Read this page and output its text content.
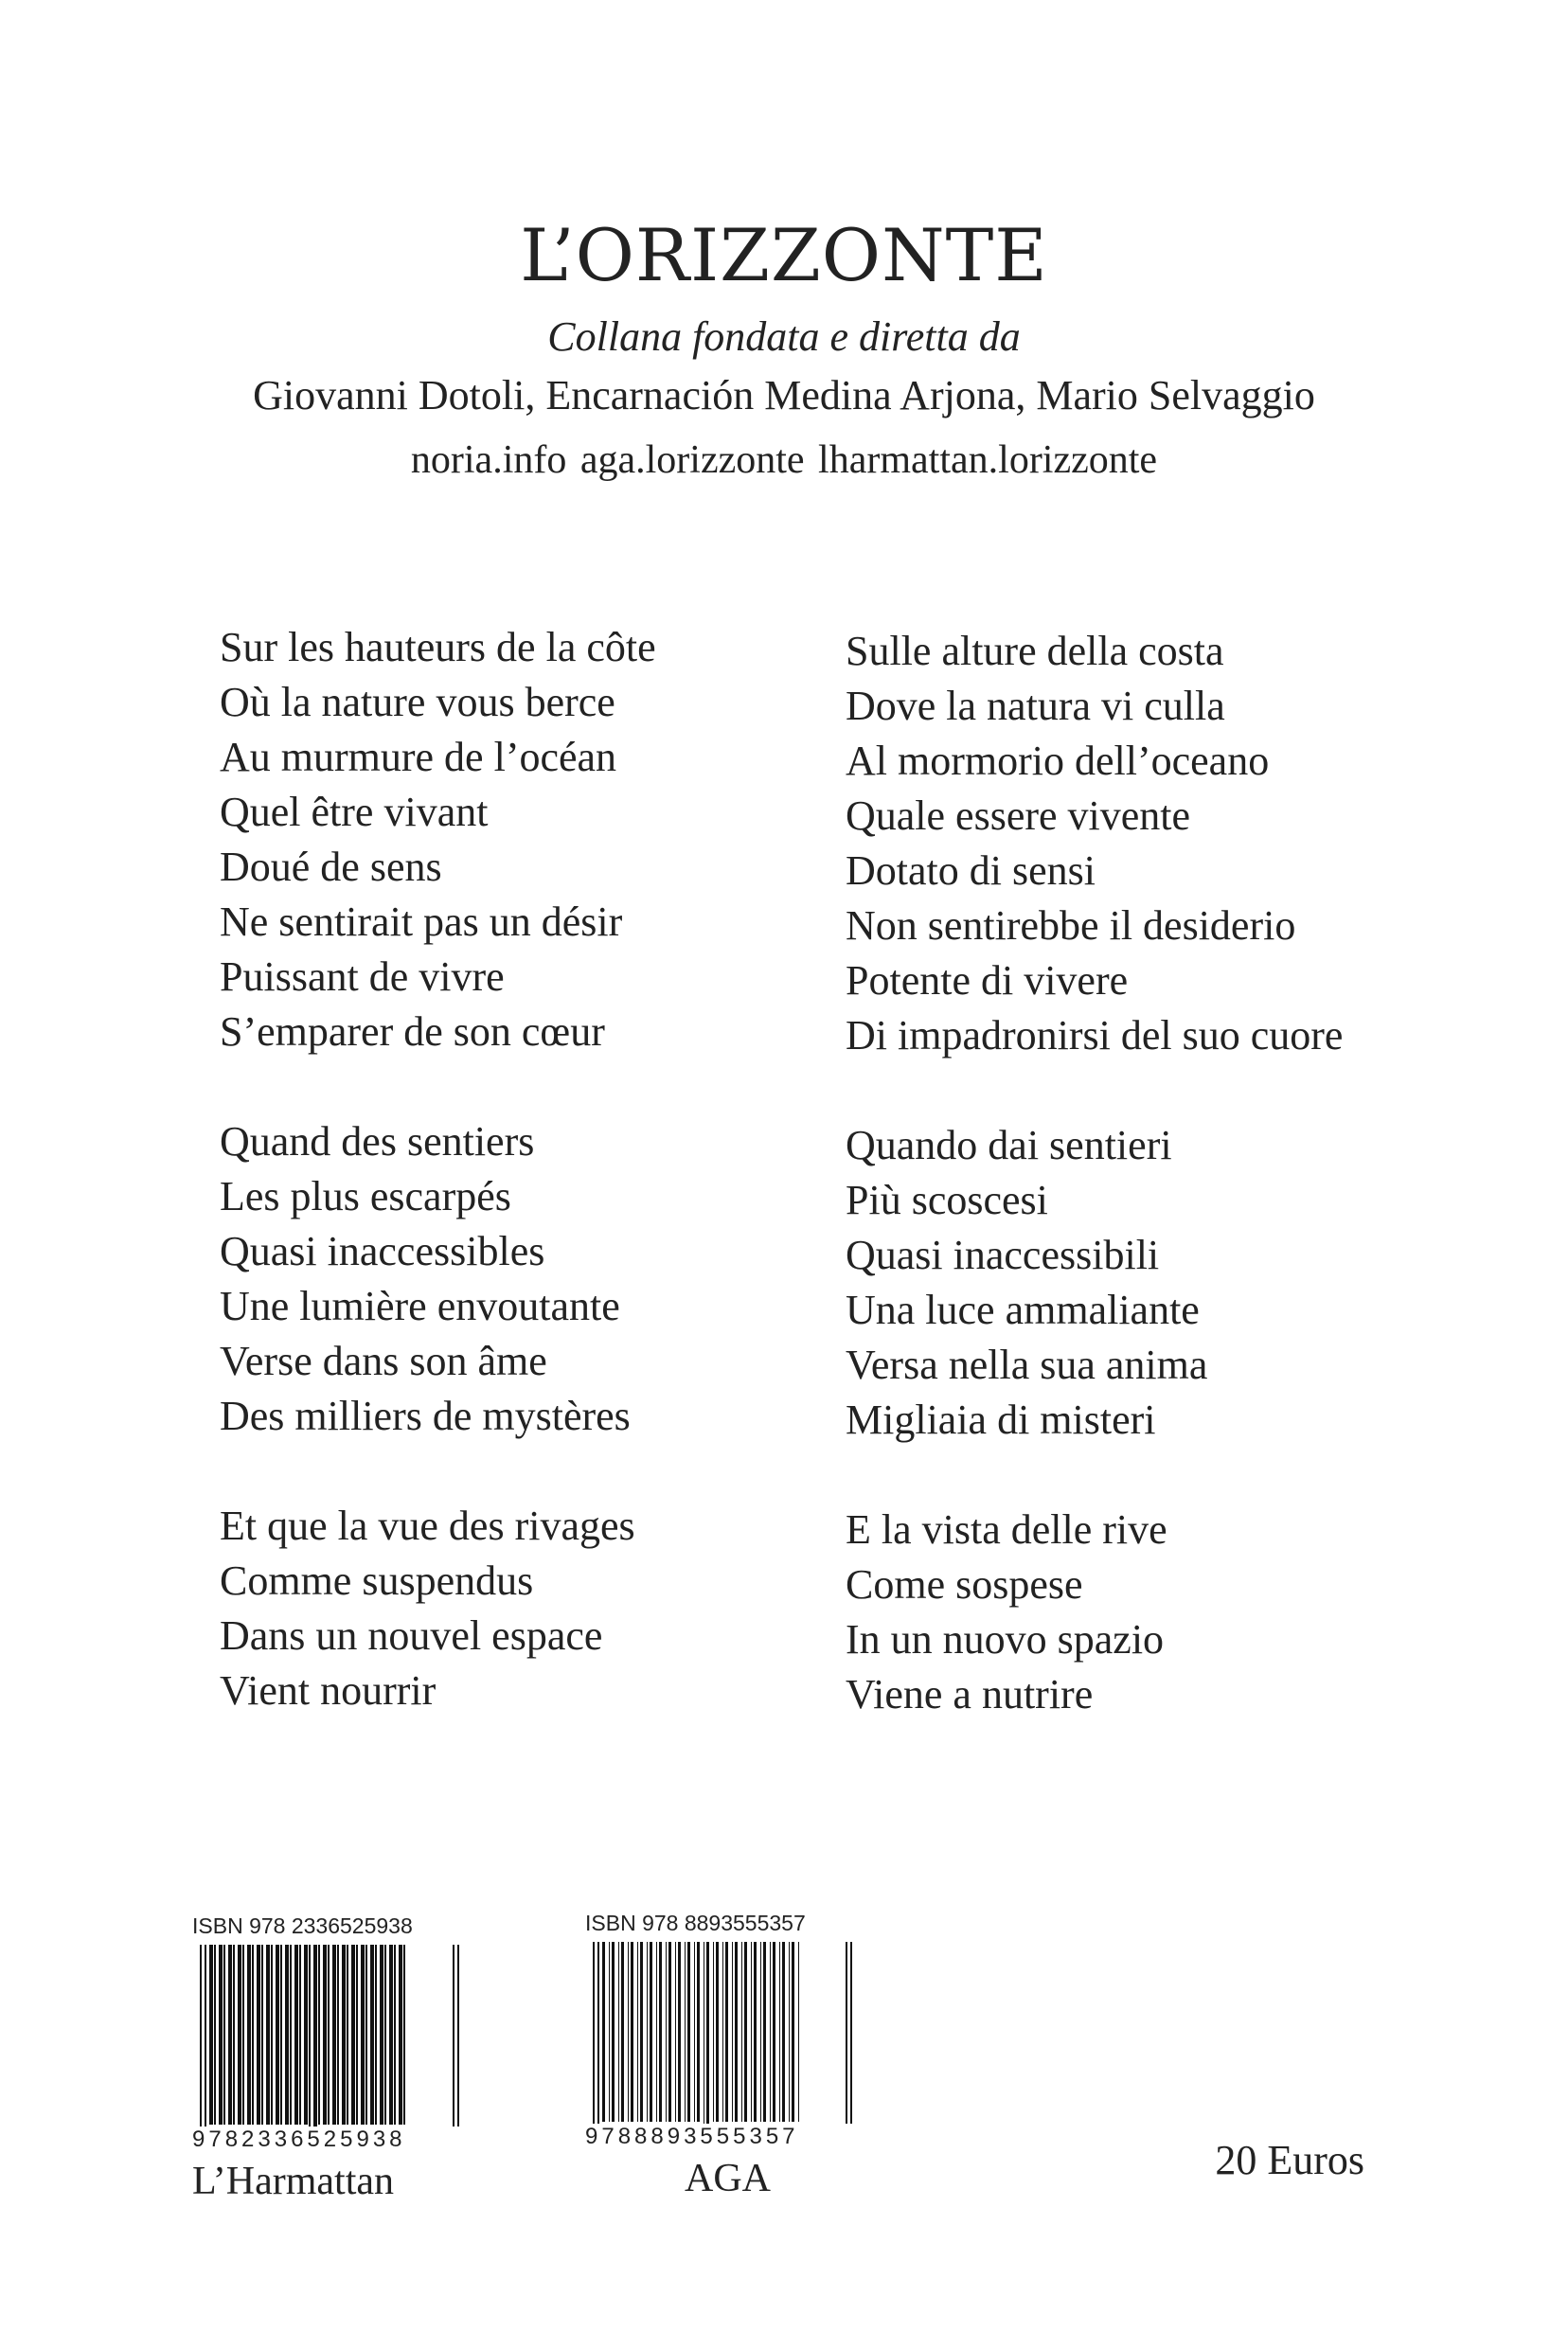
L’ORIZZONTE
Collana fondata e diretta da
Giovanni Dotoli, Encarnación Medina Arjona, Mario Selvaggio
noria.info aga.lorizzonte lharmattan.lorizzonte
Sur les hauteurs de la côte
Où la nature vous berce
Au murmure de l’océan
Quel être vivant
Doué de sens
Ne sentirait pas un désir
Puissant de vivre
S’emparer de son cœur
Quand des sentiers
Les plus escarpés
Quasi inaccessibles
Une lumière envoutante
Verse dans son âme
Des milliers de mystères
Et que la vue des rivages
Comme suspendus
Dans un nouvel espace
Vient nourrir
Sulle alture della costa
Dove la natura vi culla
Al mormorio dell’oceano
Quale essere vivente
Dotato di sensi
Non sentirebbe il desiderio
Potente di vivere
Di impadronirsi del suo cuore
Quando dai sentieri
Più scoscesi
Quasi inaccessibili
Una luce ammaliante
Versa nella sua anima
Migliaia di misteri
E la vista delle rive
Come sospese
In un nuovo spazio
Viene a nutrire
ISBN 978 2336525938
9782336525938
L’Harmattan
ISBN 978 8893555357
9788893555357
AGA	20 Euros
